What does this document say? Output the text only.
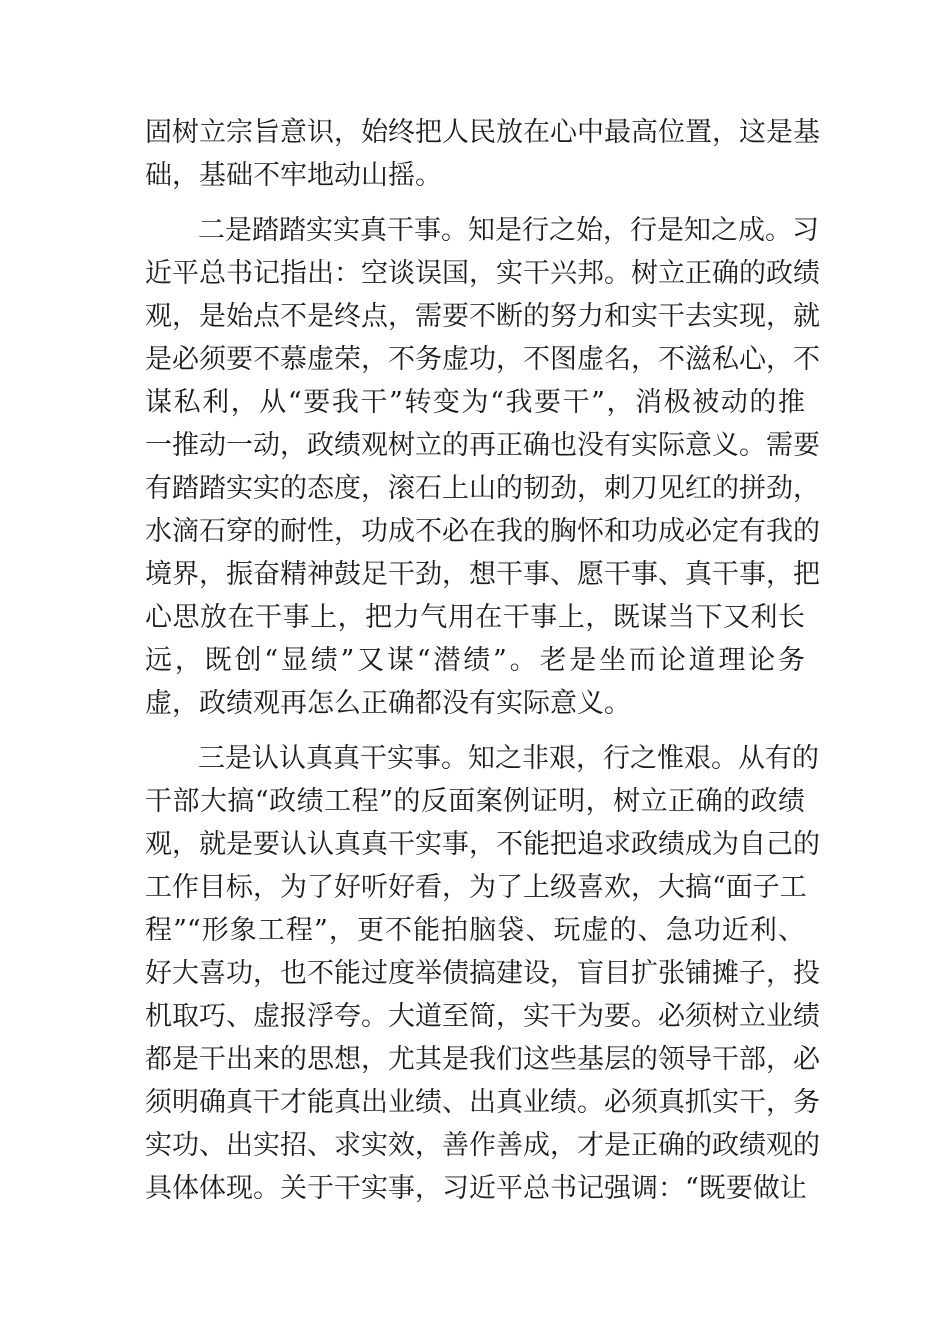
固树立宗旨意识，始终把人民放在心中最高位置，这是基
础，基础不牢地动山摇。
二是踏踏实实真干事。知是行之始，行是知之成。习
近平总书记指出：空谈误国，实干兴邦。树立正确的政绩
观，是始点不是终点，需要不断的努力和实干去实现，就
是必须要不慕虚荣，不务虚功，不图虚名，不滋私心，不
谋私利，从“要我干”转变为“我要干”，消极被动的推
一推动一动，政绩观树立的再正确也没有实际意义。需要
有踏踏实实的态度，滚石上山的韧劲，刺刀见红的拼劲，
水滴石穿的耐性，功成不必在我的胸怀和功成必定有我的
境界，振奋精神鼓足干劲，想干事、愿干事、真干事，把
心思放在干事上，把力气用在干事上，既谋当下又利长
远，既创“显绩”又谋“潜绩”。老是坐而论道理论务
虚，政绩观再怎么正确都没有实际意义。
三是认认真真干实事。知之非艰，行之惟艰。从有的
干部大搞“政绩工程”的反面案例证明，树立正确的政绩
观，就是要认认真真干实事，不能把追求政绩成为自己的
工作目标，为了好听好看，为了上级喜欢，大搞“面子工
程”“形象工程”，更不能拍脑袋、玩虚的、急功近利、
好大喜功，也不能过度举债搞建设，盲目扩张铺摊子，投
机取巧、虚报浮夸。大道至简，实干为要。必须树立业绩
都是干出来的思想，尤其是我们这些基层的领导干部，必
须明确真干才能真出业绩、出真业绩。必须真抓实干，务
实功、出实招、求实效，善作善成，才是正确的政绩观的
具体体现。关于干实事，习近平总书记强调：“既要做让
